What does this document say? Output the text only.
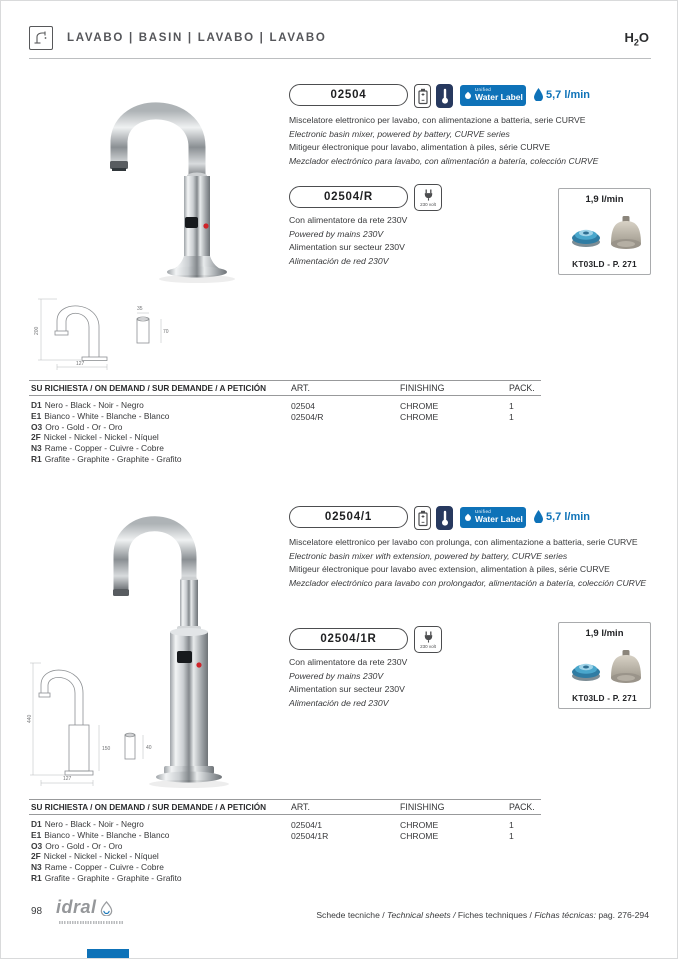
LAVABO | BASIN | LAVABO | LAVABO	$H_2O$
02504	Unified
Water Label 5,7 l/min

Miscelatore elettronico per lavabo, con alimentazione a batteria, serie CURVE

Electronic basin mixer, powered by battery, CURVE series

Mitigeur électronique pour lavabo, alimentation à piles, série CURVE

Mezclador electrónico para lavabo, con alimentación a batería, colección CURVE

02504/R
230 volt

Con alimentatore da rete 230V

Powered by mains 230V

Alimentation sur secteur 230V

Alimentación de red 230V

1,9 l/min
KT03LD - P. 271
200
127
70
35
SU RICHIESTA / ON DEMAND / SUR DEMANDE / A PETICIÓN	ART.	FINISHING	PACK.
D1 Nero - Black - Noir - Negro
E1 Bianco - White - Blanche - Blanco
O3 Oro - Gold - Or - Oro
2F Nickel - Nickel - Nickel - Níquel
N3 Rame - Copper - Cuivre - Cobre
R1 Grafite - Graphite - Graphite - Grafito
02504	CHROME	1
02504/R	CHROME	1
02504/1	Unified
Water Label 5,7 l/min

Miscelatore elettronico per lavabo con prolunga, con alimentazione a batteria, serie CURVE

Electronic basin mixer with extension, powered by battery, CURVE series

Mitigeur électronique pour lavabo avec extension, alimentation à piles, série CURVE

Mezclador electrónico para lavabo con prolongador, alimentación a batería, colección CURVE

02504/1R
230 volt

Con alimentatore da rete 230V

Powered by mains 230V

Alimentation sur secteur 230V

Alimentación de red 230V

1,9 l/min
KT03LD - P. 271
440
127
150	40
SU RICHIESTA / ON DEMAND / SUR DEMANDE / A PETICIÓN	ART.	FINISHING	PACK.
D1 Nero - Black - Noir - Negro
E1 Bianco - White - Blanche - Blanco
O3 Oro - Gold - Or - Oro
2F Nickel - Nickel - Nickel - Níquel
N3 Rame - Copper - Cuivre - Cobre
R1 Grafite - Graphite - Graphite - Grafito
02504/1	CHROME	1
02504/1R	CHROME	1
98 idral	Schede tecniche / Technical sheets / Fiches techniques / Fichas técnicas: pag. 276-294
